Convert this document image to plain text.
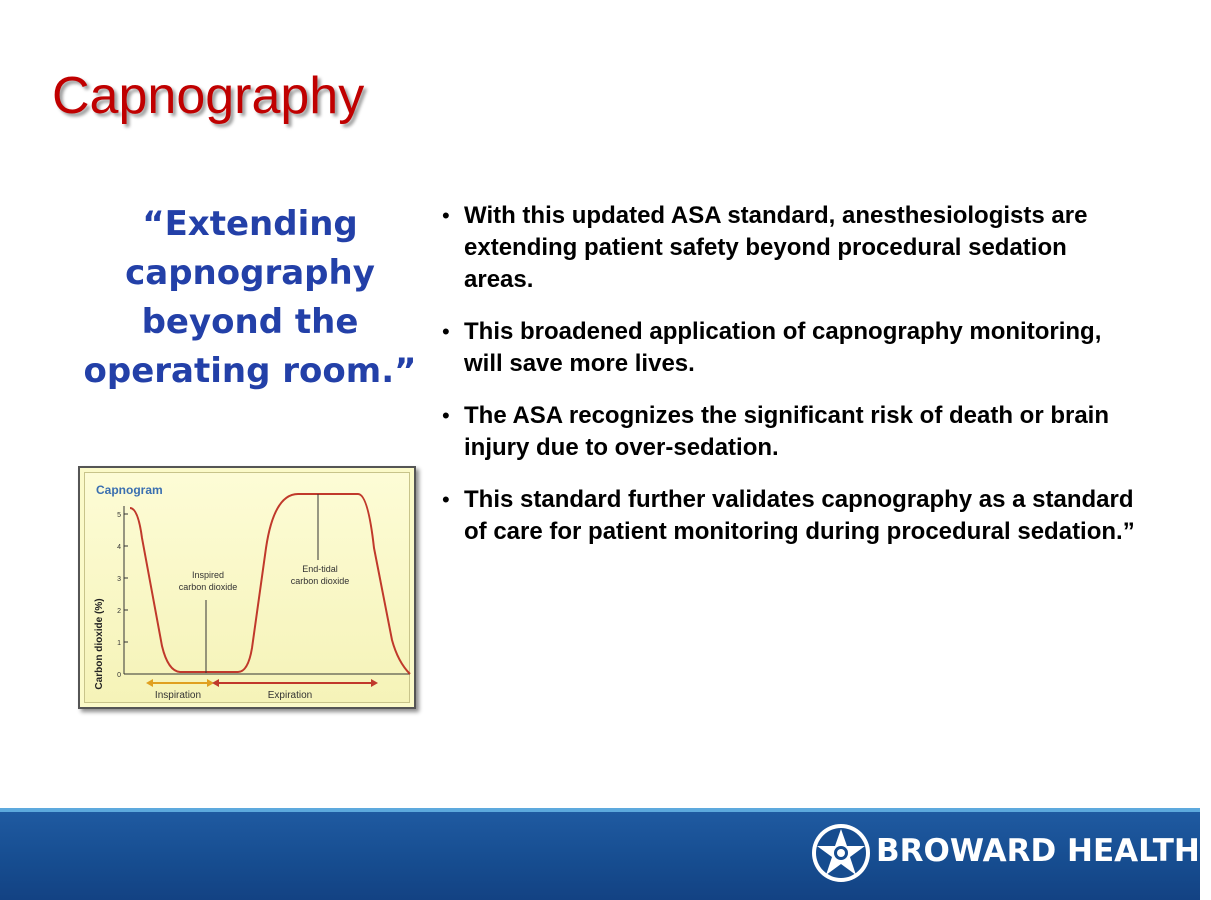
Capnography

“Extending capnography beyond the operating room.”

• With this updated ASA standard, anesthesiologists are extending patient safety beyond procedural sedation areas.
• This broadened application of capnography monitoring, will save more lives.
• The ASA recognizes the significant risk of death or brain injury due to over-sedation.
• This standard further validates capnography as a standard of care for patient monitoring during procedural sedation.”
Capnogram
Carbon dioxide (%) 0
1
2
3
4
5
Inspired
carbon dioxide
End-tidal
carbon dioxide
Inspiration	Expiration
BROWARD HEALTH ®
